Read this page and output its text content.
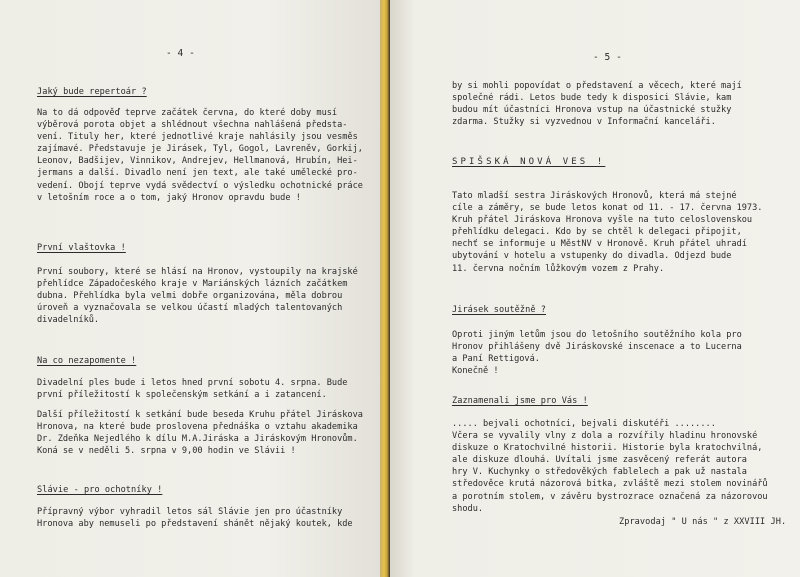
- 4 -
Jaký bude repertoár ?
Na to dá odpověď teprve začátek června, do které doby musí
výběrová porota objet a shlédnout všechna nahlášená předsta-
vení. Tituly her, které jednotlivé kraje nahlásily jsou vesměs
zajímavé. Představuje je Jirásek, Tyl, Gogol, Lavreněv, Gorkij,
Leonov, Badšijev, Vinnikov, Andrejev, Hellmanová, Hrubín, Hei-
jermans a další. Divadlo není jen text, ale také umělecké pro-
vedení. Obojí teprve vydá svědectví o výsledku ochotnické práce
v letošním roce a o tom, jaký Hronov opravdu bude !
První vlaštovka !
První soubory, které se hlásí na Hronov, vystoupily na krajské
přehlídce Západočeského kraje v Mariánských lázních začátkem
dubna. Přehlídka byla velmi dobře organizována, měla dobrou
úroveň a vyznačovala se velkou účastí mladých talentovaných
divadelníků.
Na co nezapomente !
Divadelní ples bude i letos hned první sobotu 4. srpna. Bude
první příležitostí k společenským setkání a i zatancení.
Další příležitostí k setkání bude beseda Kruhu přátel Jiráskova
Hronova, na které bude proslovena přednáška o vztahu akademika
Dr. Zdeňka Nejedlého k dílu M.A.Jiráska a Jiráskovým Hronovům.
Koná se v neděli 5. srpna v 9,00 hodin ve Slávii !
Slávie - pro ochotníky !
Přípravný výbor vyhradil letos sál Slávie jen pro účastníky
Hronova aby nemuseli po představení shánět nějaký koutek, kde
- 5 -
by si mohli popovídat o představení a věcech, které mají
společné rádi. Letos bude tedy k disposici Slávie, kam
budou mít účastníci Hronova vstup na účastnické stužky
zdarma. Stužky si vyzvednou v Informační kanceláři.
SPIŠSKÁ NOVÁ VES !
Tato mladší sestra Jiráskových Hronovů, která má stejné
cíle a záměry, se bude letos konat od 11. - 17. června 1973.
Kruh přátel Jiráskova Hronova vyšle na tuto celoslovenskou
přehlídku delegaci. Kdo by se chtěl k delegaci připojit,
nechť se informuje u MěstNV v Hronově. Kruh přátel uhradí
ubytování v hotelu a vstupenky do divadla. Odjezd bude
11. června nočním lůžkovým vozem z Prahy.
Jirásek soutěžně ?
Oproti jiným letům jsou do letošního soutěžního kola pro
Hronov přihlášeny dvě Jiráskovské inscenace a to Lucerna
a Paní Rettigová.
Konečně !
Zaznamenali jsme pro Vás !
..... bejvali ochotníci, bejvali diskutéři ........
Včera se vyvalily vlny z dola a rozvířily hladinu hronovské
diskuze o Kratochvilné historii. Historie byla kratochvilná,
ale diskuze dlouhá. Uvítali jsme zasvěcený referát autora
hry V. Kuchynky o středověkých fablelech a pak už nastala
středověce krutá názorová bitka, zvláště mezi stolem novinářů
a porotním stolem, v závěru bystrozrace označená za názorovou
shodu.
Zpravodaj " U nás " z XXVIII JH.
